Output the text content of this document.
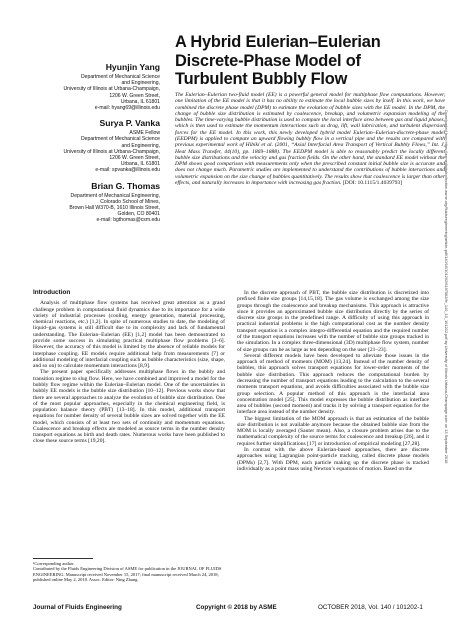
Hyunjin Yang
Department of Mechanical Science
and Engineering,
University of Illinois at Urbana-Champaign,
1206 W. Green Street,
Urbana, IL 61801
e-mail: hyang69@illinois.edu
Surya P. Vanka
ASME Fellow
Department of Mechanical Science
and Engineering,
University of Illinois at Urbana-Champaign,
1206 W. Green Street,
Urbana, IL 61801
e-mail: spvanka@illinois.edu
Brian G. Thomas
Department of Mechanical Engineering,
Colorado School of Mines,
Brown Hall W370-B, 1610 Illinois Street,
Golden, CO 80401
e-mail: bgthomas@csm.edu
A Hybrid Eulerian–Eulerian
Discrete-Phase Model of
Turbulent Bubbly Flow
The Eulerian–Eulerian two-fluid model (EE) is a powerful general model for multiphase flow computations. However, one limitation of the EE model is that it has no ability to estimate the local bubble sizes by itself. In this work, we have combined the discrete phase model (DPM) to estimate the evolution of bubble sizes with the EE model. In the DPM, the change of bubble size distribution is estimated by coalescence, breakup, and volumetric expansion modeling of the bubbles. The time-varying bubble distribution is used to compute the local interface area between gas and liquid phases, which is then used to estimate the momentum interactions such as drag, lift, wall lubrication, and turbulent dispersion forces for the EE model. In this work, this newly developed hybrid model Eulerian–Eulerian-discrete-phase model (EEDPM) is applied to compute an upward flowing bubbly flow in a vertical pipe and the results are compared with previous experimental work of Hibiki et al. (2001, “Axial Interfacial Area Transport of Vertical Bubbly Flows,” Int. J. Heat Mass Transfer, 44(10), pp. 1869–1888). The EEDPM model is able to reasonably predict the locally different bubble size distributions and the velocity and gas fraction fields. On the other hand, the standard EE model without the DPM shows good comparison with measurements only when the prescribed constant initial bubble size is accurate and does not change much. Parametric studies are implemented to understand the contributions of bubble interactions and volumetric expansion on the size change of bubbles quantitatively. The results show that coalescence is larger than other effects, and naturally increases in importance with increasing gas fraction. [DOI: 10.1115/1.4039793]	Downloaded from https://asmedigitalcollection.asme.org/fluidsengineering/article-pdf/140/10/101202/6197562/fe_140_10_101202.pdf by University of Illinois Urbana-Champaign user on 13 September 2018
Introduction

Analysis of multiphase flow systems has received great attention as a grand challenge problem in computational fluid dynamics due to its importance for a wide variety of industrial processes (cooling, energy generation, material processing, chemical reactions, etc.) [1,2]. In spite of numerous studies to date, the modeling of liquid–gas systems is still difficult due to its complexity and lack of fundamental understanding. The Eulerian–Eulerian (EE) [1,2] model has been demonstrated to provide some success in simulating practical multiphase flow problems [3–6]. However, the accuracy of this model is limited by the absence of reliable models for interphase coupling. EE models require additional help from measurements [7] or additional modeling of interfacial coupling such as bubble characteristics (size, shape, and so on) to calculate momentum interactions [8,9].

The present paper specifically addresses multiphase flows in the bubbly and transition regime to slug flow. Here, we have combined and improved a model for the bubbly flow regime within the Eulerian–Eulerian model. One of the uncertainties in bubbly EE models is the bubble size distribution [10–12]. Previous works show that there are several approaches to analyze the evolution of bubble size distribution. One of the most popular approaches, especially in the chemical engineering field, is population balance theory (PBT) [13–18]. In this model, additional transport equations for number density of several bubble sizes are solved together with the EE model, which consists of at least two sets of continuity and momentum equations. Coalescence and breakup effects are modeled as source terms in the number density transport equations as birth and death rates. Numerous works have been published to close these source terms [19,20].

¹Corresponding author.
Contributed by the Fluids Engineering Division of ASME for publication in the JOURNAL OF FLUIDS ENGINEERING. Manuscript received November 15, 2017; final manuscript received March 24, 2018; published online May 2, 2018. Assoc. Editor: Ning Zhang.

In the discrete approach of PBT, the bubble size distribution is discretized into prefixed finite size groups [14,15,18]. The gas volume is exchanged among the size groups through the coalescence and breakup mechanisms. This approach is attractive since it provides an approximated bubble size distribution directly by the series of discrete size groups in the predefined range. A difficulty of using this approach in practical industrial problems is the high computational cost as the number density transport equation is a complex integro-differential equation and the required number of the transport equations increases with the number of bubble size groups tracked in the simulation. In a complex three-dimensional (3D) multiphase flow system, number of size groups can be as large as ten depending on the user [21–23].

Several different models have been developed to alleviate those issues in the approach of method of moments (MOM) [13,24]. Instead of the number density of bubbles, this approach solves transport equations for lower-order moments of the bubble size distribution. This approach reduces the computational burden by decreasing the number of transport equations leading to the calculation to the several moments transport equations, and avoids difficulties associated with the bubble size group selection. A popular method of this approach is the interfacial area concentration model [25]. This model expresses the bubble distribution as interface area of bubbles (second moment) and tracks it by solving a transport equation for the interface area instead of the number density.

The biggest limitation of the MOM approach is that an estimation of the bubble size distribution is not available anymore because the obtained bubble size from the MOM is locally averaged (Sauter mean). Also, a closure problem arises due to the mathematical complexity of the source terms for coalescence and breakup [26], and it requires further simplifications [17] or introduction of empirical modeling [27,28].

In contrast with the above Eulerian-based approaches, there are discrete approaches using Lagrangian point-particle tracking, called discrete phase models (DPMs) [2,7]. With DPM, each particle making up the discrete phase is tracked individually as a point mass using Newton’s equations of motion. Based on the

Journal of Fluids Engineering	Copyright © 2018 by ASME	OCTOBER 2018, Vol. 140 / 101202-1
